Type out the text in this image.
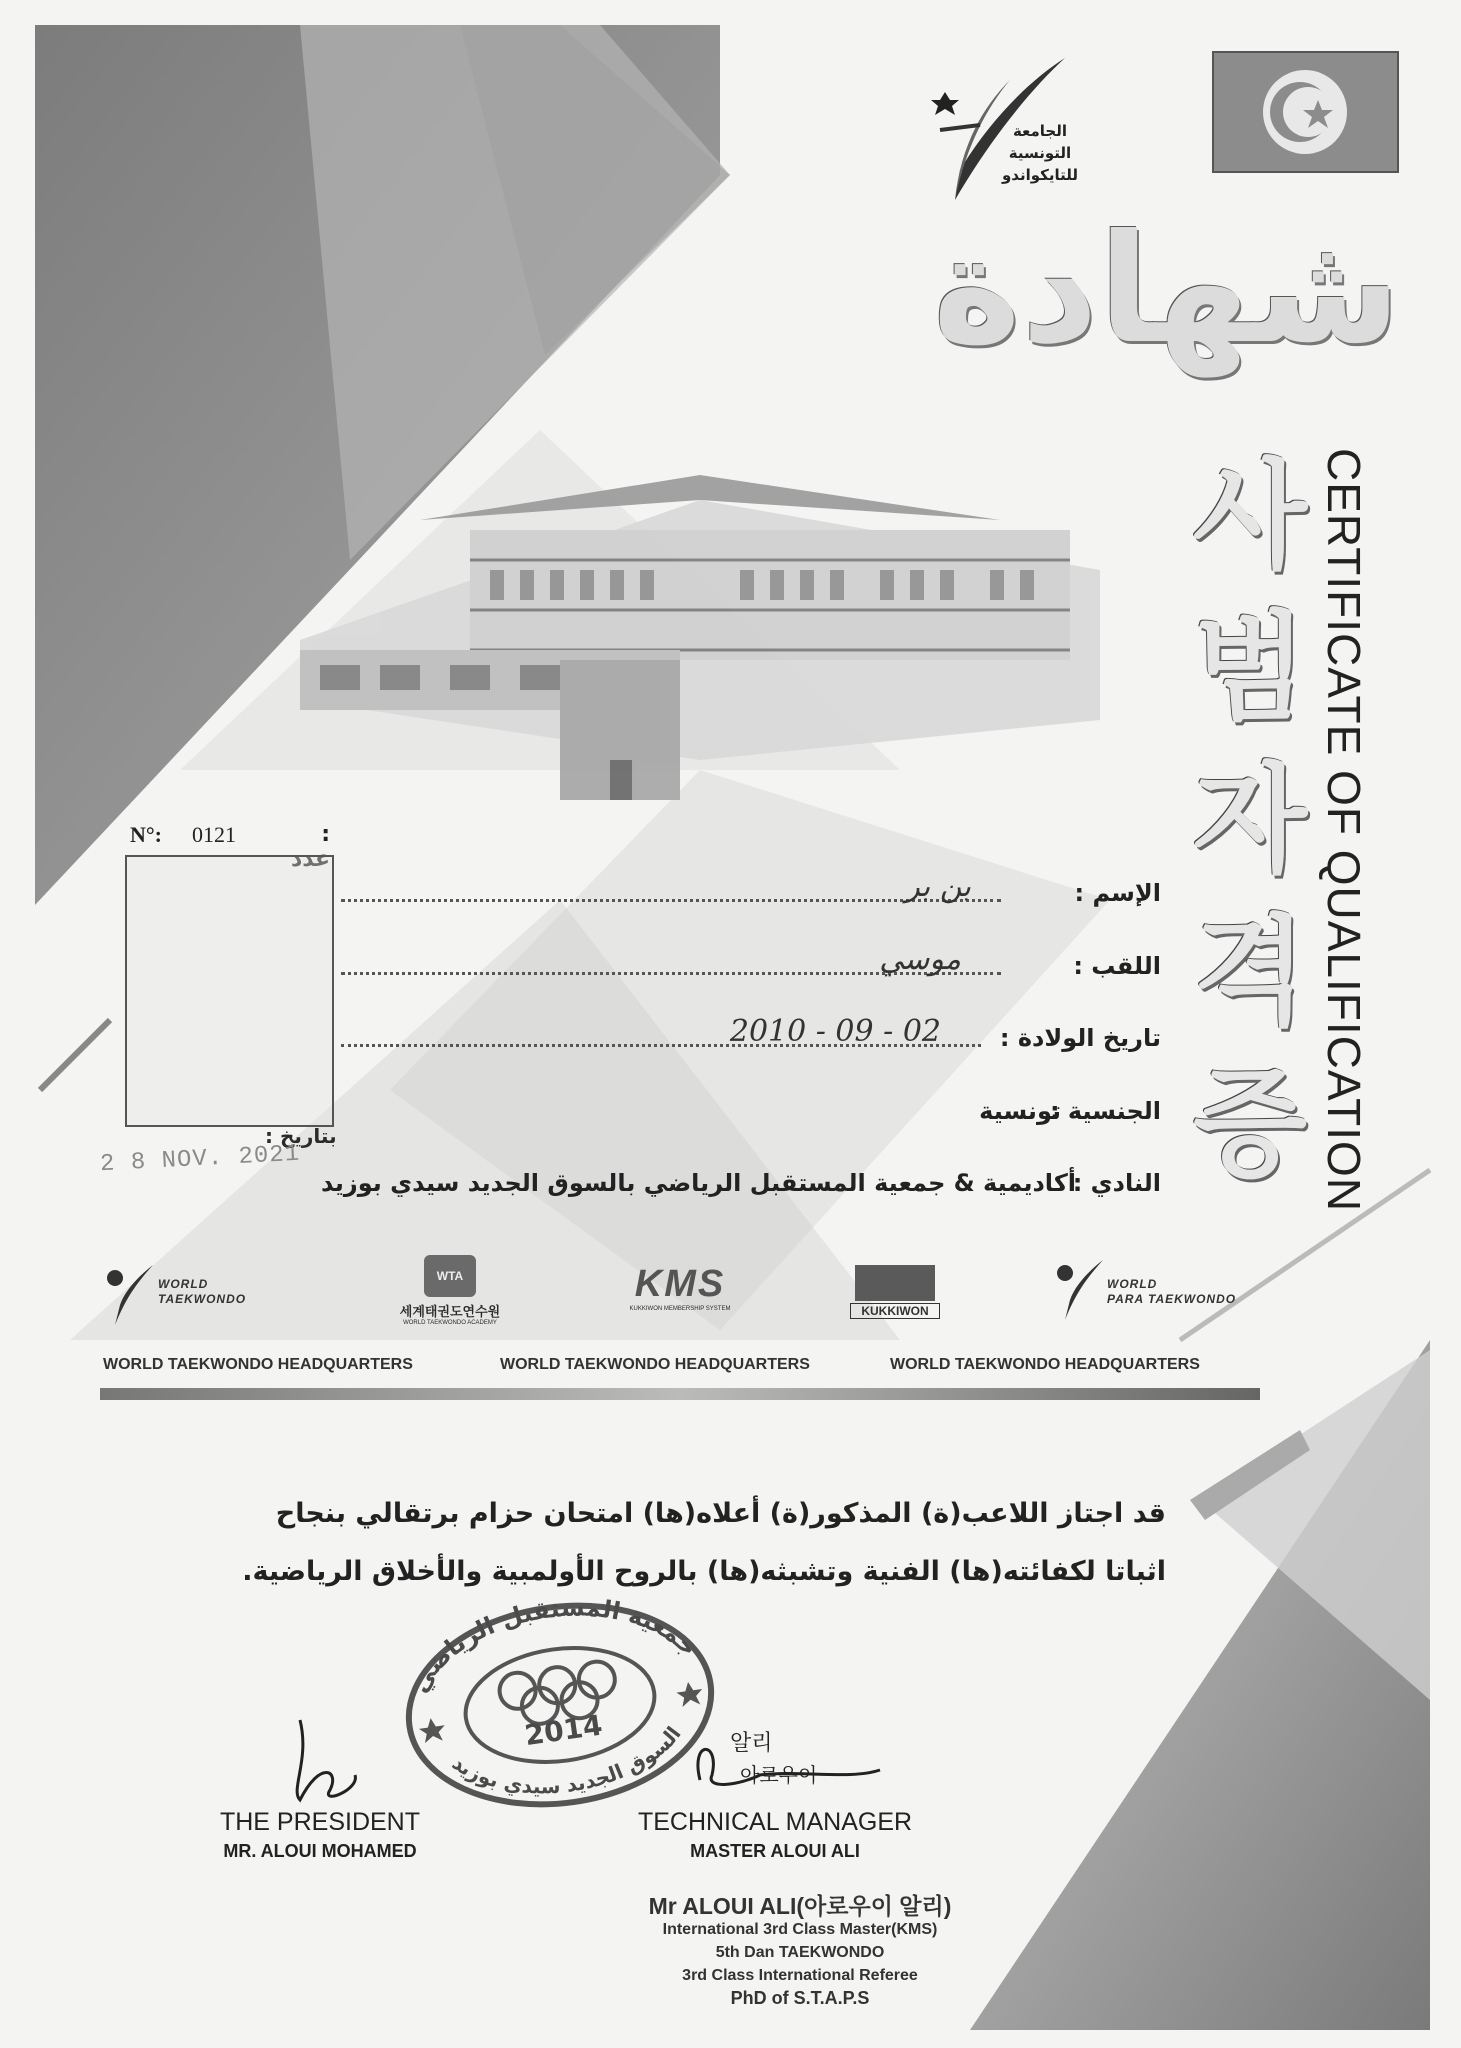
الجامعة
التونسية
للتايكواندو
شهادة
사
범
자
격
증 CERTIFICATE OF QUALIFICATION
N°: 0121	: عدد
بتاريخ :
2 8 NOV. 2021
الإسم :
بن بر
اللقب :
موسي
تاريخ الولادة :
2010 - 09 - 02
الجنسية :
تونسية
النادي :
أكاديمية & جمعية المستقبل الرياضي بالسوق الجديد سيدي بوزيد
WORLD
TAEKWONDO
WTA
세계태권도연수원
WORLD TAEKWONDO ACADEMY
KMS
KUKKIWON MEMBERSHIP SYSTEM	KUKKIWON
WORLD
PARA TAEKWONDO
WORLD TAEKWONDO HEADQUARTERS	WORLD TAEKWONDO HEADQUARTERS	WORLD TAEKWONDO HEADQUARTERS
قد اجتاز اللاعب(ة) المذكور(ة) أعلاه(ها) امتحان حزام برتقالي بنجاح
اثباتا لكفائته(ها) الفنية وتشبثه(ها) بالروح الأولمبية والأخلاق الرياضية.
جمعية المستقبل الرياضي
السوق الجديد سيدي بوزيد
2014	알리
아로우이
THE PRESIDENT
MR. ALOUI MOHAMED
TECHNICAL MANAGER
MASTER ALOUI ALI
Mr ALOUI ALI(아로우이 알리)
International 3rd Class Master(KMS)
5th Dan TAEKWONDO
3rd Class International Referee
PhD of S.T.A.P.S
